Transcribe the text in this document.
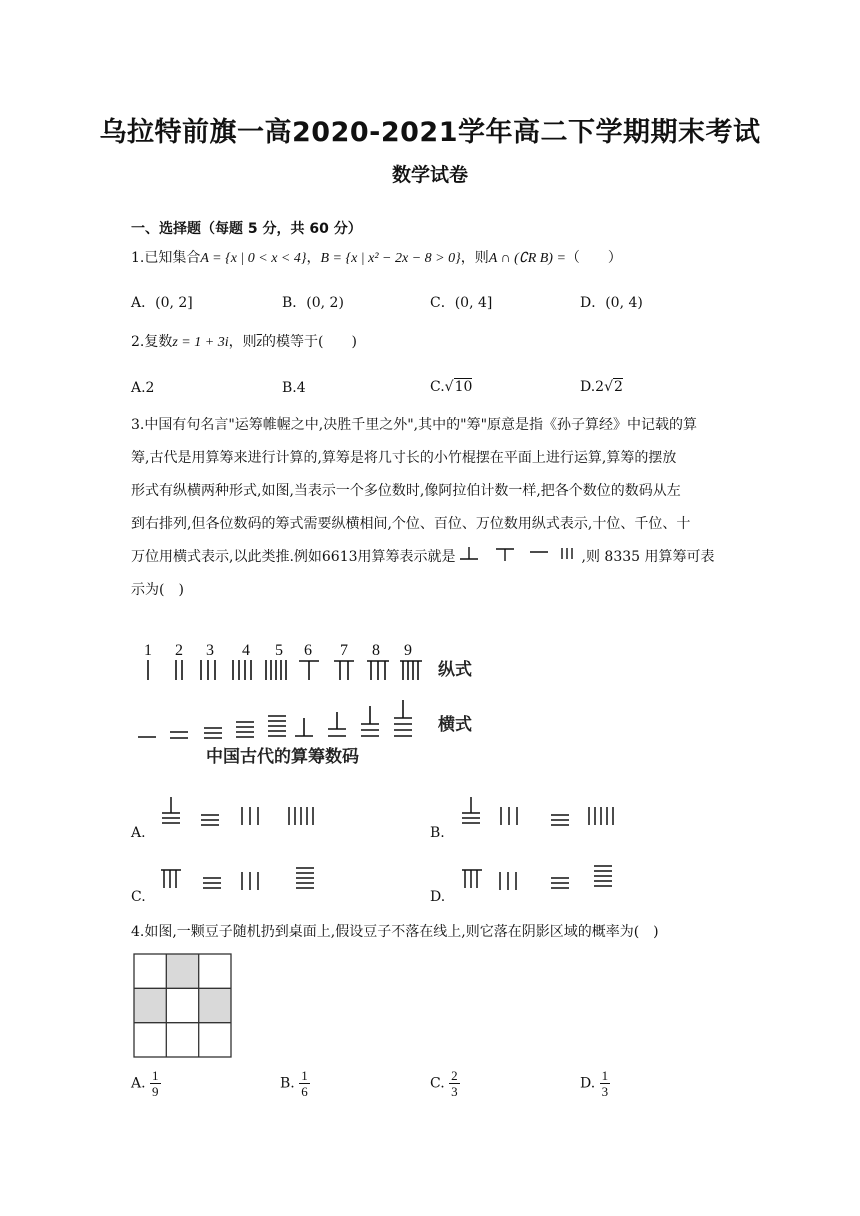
乌拉特前旗一高2020-2021学年高二下学期期末考试
数学试卷
一、选择题（每题 5 分，共 60 分）
1.已知集合A = {x | 0 < x < 4}，B = {x | x² − 2x − 8 > 0}，则A ∩ (∁R B) =（　　）
A．(0, 2]	B．(0, 2)	C．(0, 4]	D．(0, 4)
2.复数z = 1 + 3i，则$\overline{z}$的模等于(　　)
A.2	B.4	C.√10	D.2√2
3.中国有句名言"运筹帷幄之中,决胜千里之外",其中的"筹"原意是指《孙子算经》中记载的算
筹,古代是用算筹来进行计算的,算筹是将几寸长的小竹棍摆在平面上进行运算,算筹的摆放
形式有纵横两种形式,如图,当表示一个多位数时,像阿拉伯计数一样,把各个数位的数码从左
到右排列,但各位数码的筹式需要纵横相间,个位、百位、万位数用纵式表示,十位、千位、十
万位用横式表示,以此类推.例如6613用算筹表示就是	,则 8335 用算筹可表
示为(　)
1 2 3 4 5 6 7 8 9
纵式
横式
中国古代的算筹数码
A.	B.
C.	D.
4.如图,一颗豆子随机扔到桌面上,假设豆子不落在线上,则它落在阴影区域的概率为(　)
A. $\frac{1}{9}$	B. $\frac{1}{6}$	C. $\frac{2}{3}$	D. $\frac{1}{3}$
